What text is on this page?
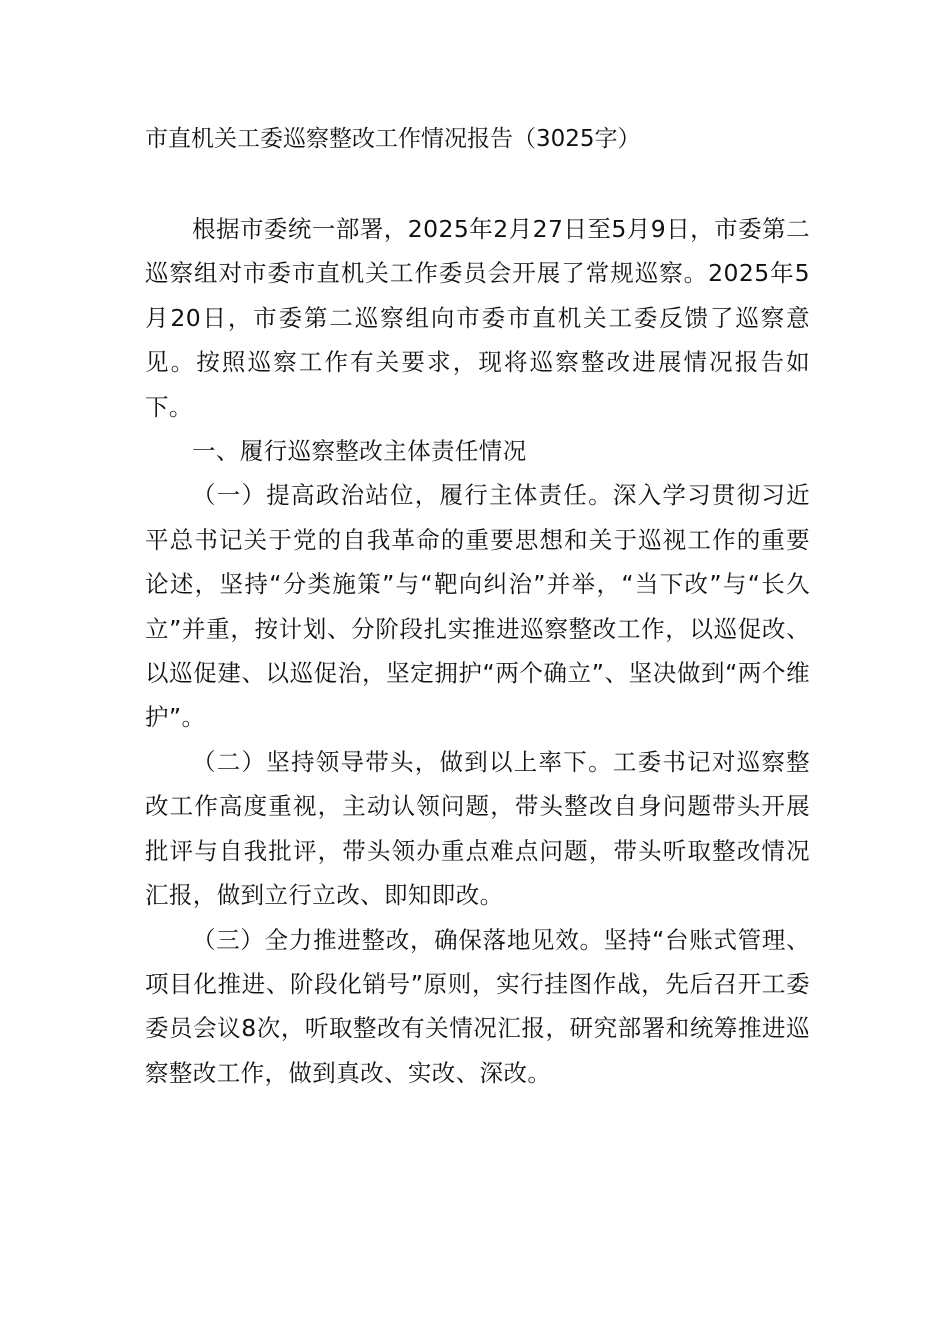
市直机关工委巡察整改工作情况报告（3025字）

根据市委统一部署，2025年2月27日至5月9日，市委第二巡察组对市委市直机关工作委员会开展了常规巡察。2025年5月20日，市委第二巡察组向市委市直机关工委反馈了巡察意见。按照巡察工作有关要求，现将巡察整改进展情况报告如下。

一、履行巡察整改主体责任情况

（一）提高政治站位，履行主体责任。深入学习贯彻习近平总书记关于党的自我革命的重要思想和关于巡视工作的重要论述，坚持“分类施策”与“靶向纠治”并举，“当下改”与“长久立”并重，按计划、分阶段扎实推进巡察整改工作，以巡促改、以巡促建、以巡促治，坚定拥护“两个确立”、坚决做到“两个维护”。

（二）坚持领导带头，做到以上率下。工委书记对巡察整改工作高度重视，主动认领问题，带头整改自身问题带头开展批评与自我批评，带头领办重点难点问题，带头听取整改情况汇报，做到立行立改、即知即改。

（三）全力推进整改，确保落地见效。坚持“台账式管理、项目化推进、阶段化销号”原则，实行挂图作战，先后召开工委委员会议8次，听取整改有关情况汇报，研究部署和统筹推进巡察整改工作，做到真改、实改、深改。
